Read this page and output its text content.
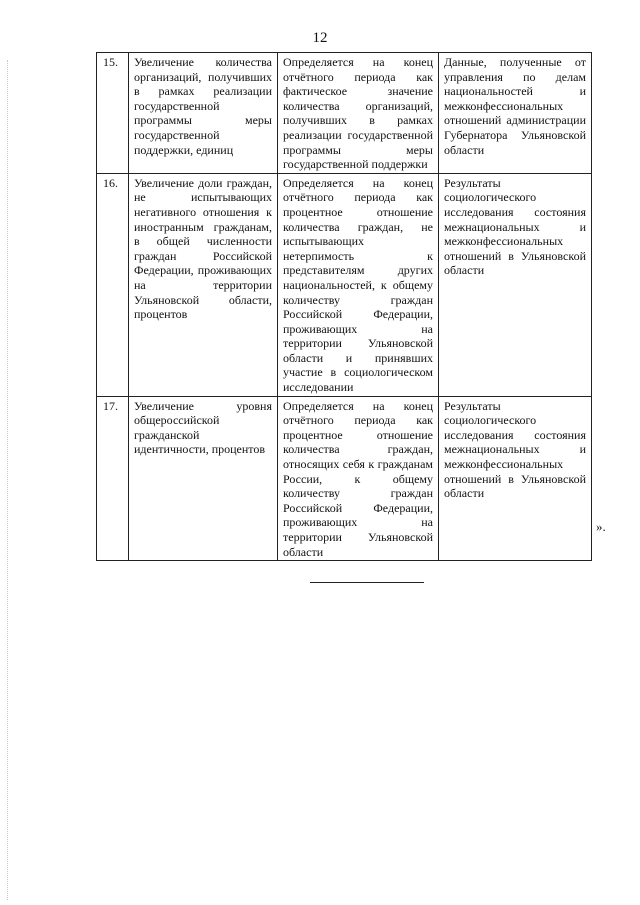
12
15.	Увеличение количества организаций, получивших в рамках реализации государственной программы меры государственной поддержки, единиц	Определяется на конец отчётного периода как фактическое значение количества организаций, получивших в рамках реализации государственной программы меры государственной поддержки	Данные, полученные от управления по делам национальностей и межконфессиональных отношений администрации Губернатора Ульяновской области
16.	Увеличение доли граждан, не испытывающих негативного отношения к иностранным гражданам, в общей численности граждан Российской Федерации, проживающих на территории Ульяновской области, процентов	Определяется на конец отчётного периода как процентное отношение количества граждан, не испытывающих нетерпимость к представителям других национальностей, к общему количеству граждан Российской Федерации, проживающих на территории Ульяновской области и принявших участие в социологическом исследовании	Результаты социологического исследования состояния межнациональных и межконфессиональных отношений в Ульяновской области
17.	Увеличение уровня общероссийской гражданской идентичности, процентов	Определяется на конец отчётного периода как процентное отношение количества граждан, относящих себя к гражданам России, к общему количеству граждан Российской Федерации, проживающих на территории Ульяновской области	Результаты социологического исследования состояния межнациональных и межконфессиональных отношений в Ульяновской области
».
